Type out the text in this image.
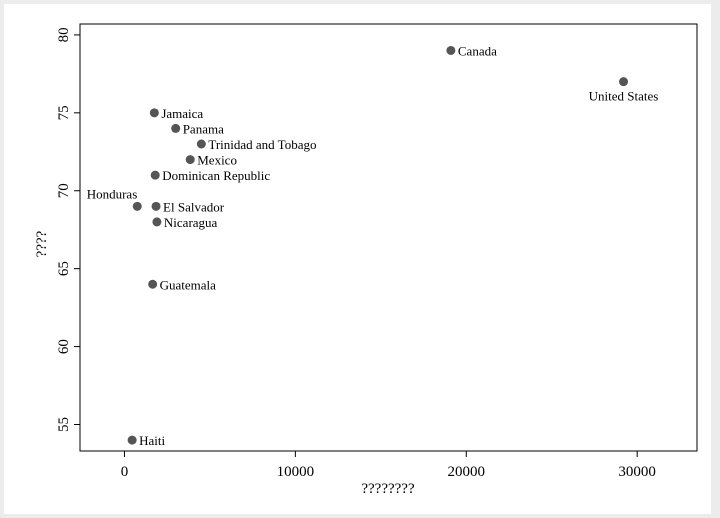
0	10000	20000	30000
55
60
65
70
75
80
Canada
United States
Jamaica
Panama
Trinidad and Tobago
Mexico
Dominican Republic
Honduras
El Salvador
Nicaragua
Guatemala
Haiti
????????
????
